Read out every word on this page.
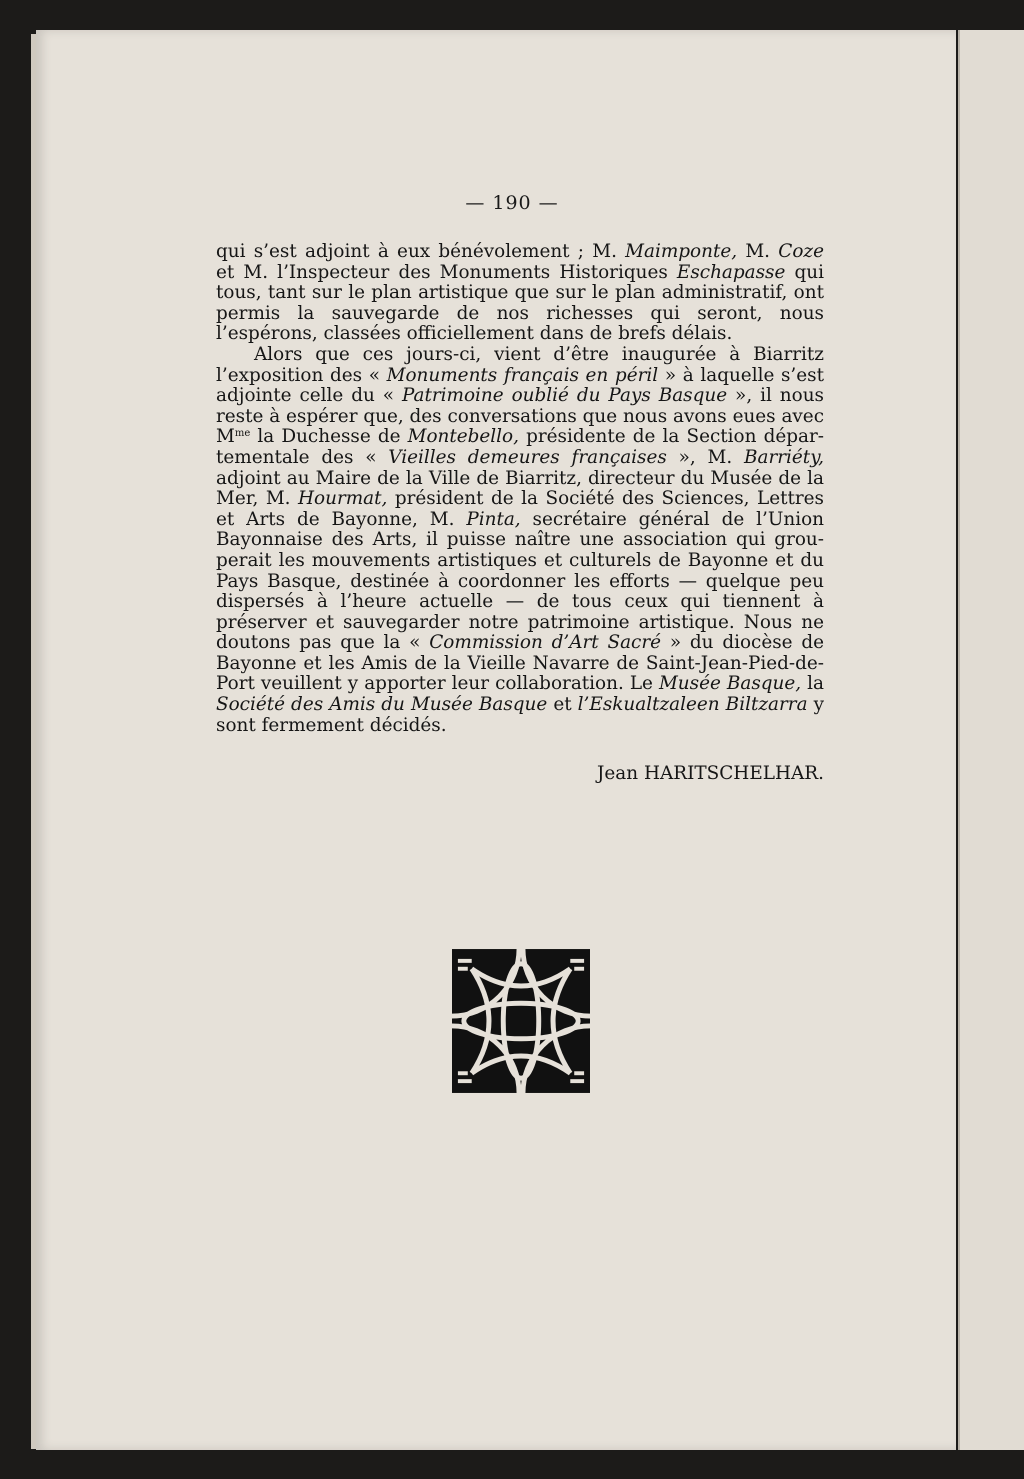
— 190 —

qui s’est adjoint à eux bénévolement ; M. Maimponte, M. Coze et M. l’Inspecteur des Monuments Historiques Eschapasse qui tous, tant sur le plan artistique que sur le plan administratif, ont permis la sauvegarde de nos richesses qui seront, nous l’espérons, classées officiellement dans de brefs délais.

Alors que ces jours-ci, vient d’être inaugurée à Biarritz l’exposition des « Monuments français en péril » à laquelle s’est adjointe celle du « Patrimoine oublié du Pays Basque », il nous reste à espérer que, des conversations que nous avons eues avec $M^{me}$ la Duchesse de Montebello, présidente de la Section départementale des « Vieilles demeures françaises », M. Barriéty, adjoint au Maire de la Ville de Biarritz, directeur du Musée de la Mer, M. Hourmat, président de la Société des Sciences, Lettres et Arts de Bayonne, M. Pinta, secrétaire général de l’Union Bayonnaise des Arts, il puisse naître une association qui grouperait les mouvements artistiques et culturels de Bayonne et du Pays Basque, destinée à coordonner les efforts — quelque peu dispersés à l’heure actuelle — de tous ceux qui tiennent à préserver et sauvegarder notre patrimoine artistique. Nous ne doutons pas que la « Commission d’Art Sacré » du diocèse de Bayonne et les Amis de la Vieille Navarre de Saint-Jean-Pied-de-Port veuillent y apporter leur collaboration. Le Musée Basque, la Société des Amis du Musée Basque et l’Eskualtzaleen Biltzarra y sont fermement décidés.

Jean HARITSCHELHAR.
